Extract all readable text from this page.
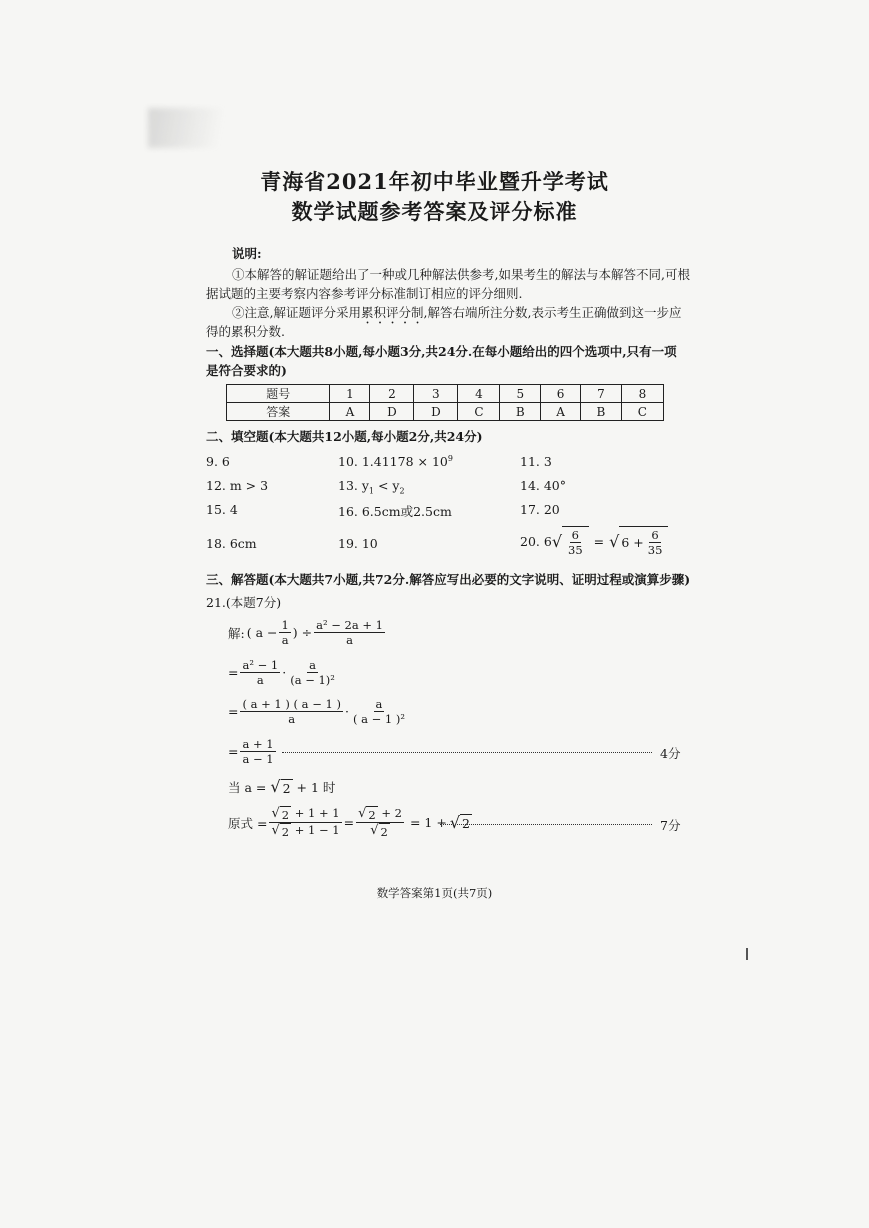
青海省2021年初中毕业暨升学考试
数学试题参考答案及评分标准
说明:
①本解答的解证题给出了一种或几种解法供参考,如果考生的解法与本解答不同,可根
据试题的主要考察内容参考评分标准制订相应的评分细则.
②注意,解证题评分采用累积评分制,解答右端所注分数,表示考生正确做到这一步应
得的累积分数.
一、选择题(本大题共8小题,每小题3分,共24分.在每小题给出的四个选项中,只有一项
是符合要求的)
题号	1	2	3	4	5	6	7	8
答案	A	D	D	C	B	A	B	C
二、填空题(本大题共12小题,每小题2分,共24分)
9. 6	10. $1.41178 \times 10^9$	11. 3
12. m > 3	13. $y_1 < y_2$	14. 40°
15. 4	16. 6.5cm或2.5cm	17. 20
18. 6cm	19. 10	20. 6 √ $\frac{6}{35}$ = √ $6 + \frac{6}{35}$
三、解答题(本大题共7小题,共72分.解答应写出必要的文字说明、证明过程或演算步骤)
21.(本题7分)
解: ( $a - \frac{1}{a}$ ) ÷ $\frac{\text{a² − 2a + 1}}{a}$
= $\frac{\text{a² − 1}}{a} \cdot \frac{a}{\text{(a − 1)²}}$
= $\frac{( a + 1 ) ( a - 1 )}{a} \cdot \frac{a}{\text{( a − 1 )²}}$
= $\frac{a + 1}{a - 1}$	4分
当 a = √ 2 + 1 时
原式 = $\frac{√ 2 + 1 + 1}{√ 2 + 1 - 1} = \frac{√ 2 + 2}{√ 2} = 1$ + √ 2	7分
数学答案第1页(共7页)
